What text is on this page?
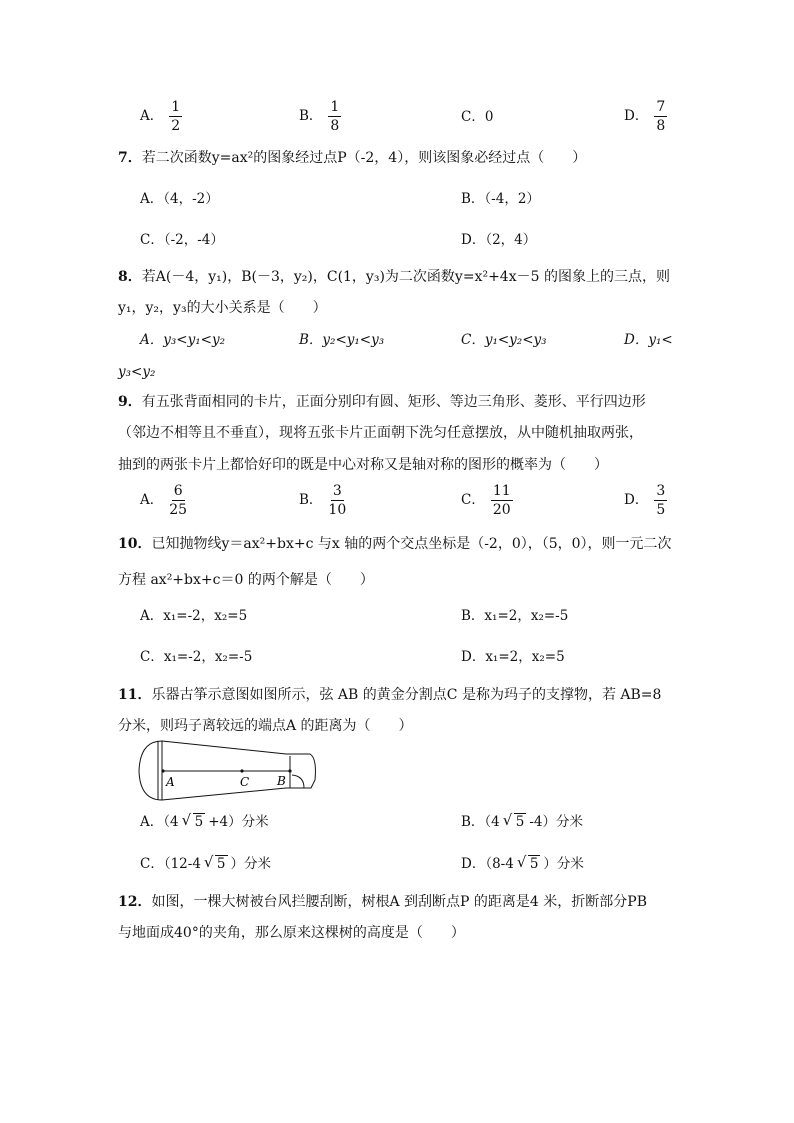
A． $\frac{1}{2}$	B． $\frac{1}{8}$	C．0	D． $\frac{7}{8}$
7．若二次函数y=ax²的图象经过点P（-2，4），则该图象必经过点（　　）
A．（4，-2）	B．（-4，2）
C．（-2，-4）	D．（2，4）
8．若A(－4，y₁)，B(－3，y₂)，C(1，y₃)为二次函数y=x²+4x－5 的图象上的三点，则
y₁，y₂，y₃的大小关系是（　　）
A．y₃<y₁<y₂	B．y₂<y₁<y₃	C．y₁<y₂<y₃	D．y₁<
y₃<y₂
9．有五张背面相同的卡片，正面分别印有圆、矩形、等边三角形、菱形、平行四边形
（邻边不相等且不垂直），现将五张卡片正面朝下洗匀任意摆放，从中随机抽取两张，
抽到的两张卡片上都恰好印的既是中心对称又是轴对称的图形的概率为（　　）
A． $\frac{6}{25}$	B． $\frac{3}{10}$	C． $\frac{11}{20}$	D． $\frac{3}{5}$
10．已知抛物线y＝ax²+bx+c 与x 轴的两个交点坐标是（-2，0），（5，0），则一元二次
方程 ax²+bx+c＝0 的两个解是（　　）
A．x₁=-2，x₂=5	B．x₁=2，x₂=-5
C．x₁=-2，x₂=-5	D．x₁=2，x₂=5
11．乐器古筝示意图如图所示，弦 AB 的黄金分割点C 是称为玛子的支撑物，若 AB=8
分米，则玛子离较远的端点A 的距离为（　　）
A	C B
A．（4 √ 5 +4）分米	B．（4 √ 5 -4）分米
C．（12-4 √ 5 ）分米	D．（8-4 √ 5 ）分米
12．如图，一棵大树被台风拦腰刮断，树根A 到刮断点P 的距离是4 米，折断部分PB
与地面成40°的夹角，那么原来这棵树的高度是（　　）
